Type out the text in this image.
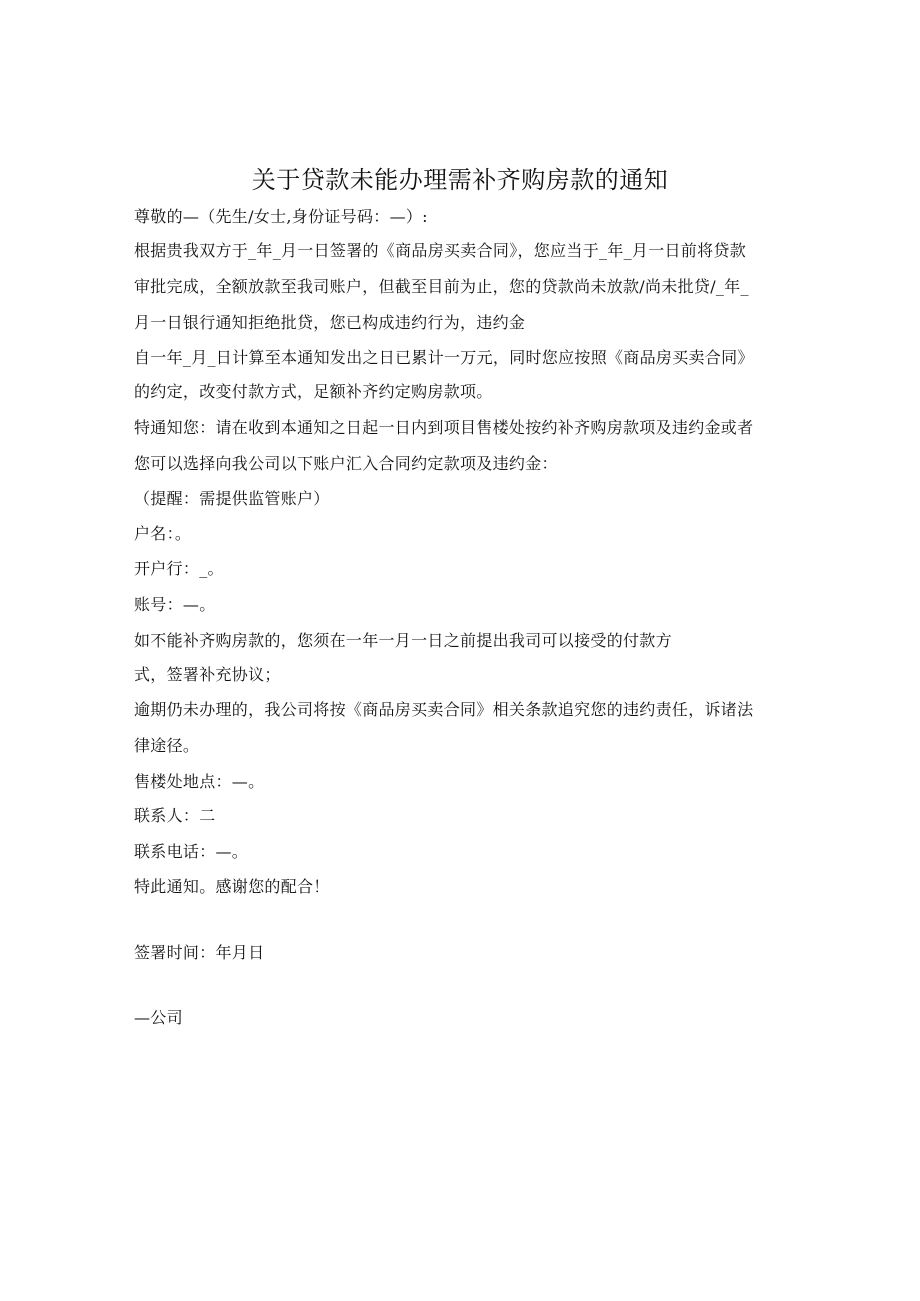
关于贷款未能办理需补齐购房款的通知
尊敬的—（先生/女士,身份证号码：—）:
根据贵我双方于_年_月一日签署的《商品房买卖合同》，您应当于_年_月一日前将贷款
审批完成，全额放款至我司账户，但截至目前为止，您的贷款尚未放款/尚未批贷/_年_
月一日银行通知拒绝批贷，您已构成违约行为，违约金
自一年_月_日计算至本通知发出之日已累计一万元，同时您应按照《商品房买卖合同》
的约定，改变付款方式，足额补齐约定购房款项。
特通知您：请在收到本通知之日起一日内到项目售楼处按约补齐购房款项及违约金或者
您可以选择向我公司以下账户汇入合同约定款项及违约金：
（提醒：需提供监管账户）
户名：。
开户行：_。
账号：—。
如不能补齐购房款的，您须在一年一月一日之前提出我司可以接受的付款方
式，签署补充协议；
逾期仍未办理的，我公司将按《商品房买卖合同》相关条款追究您的违约责任，诉诸法
律途径。
售楼处地点：—。
联系人：二
联系电话：—。
特此通知。感谢您的配合！
签署时间：年月日
—公司
